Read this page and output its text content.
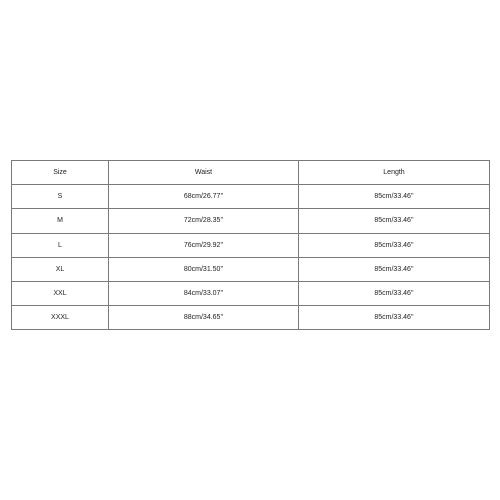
Size	Waist	Length
S	68cm/26.77''	85cm/33.46''
M	72cm/28.35''	85cm/33.46''
L	76cm/29.92''	85cm/33.46''
XL	80cm/31.50''	85cm/33.46''
XXL	84cm/33.07''	85cm/33.46''
XXXL	88cm/34.65''	85cm/33.46''
